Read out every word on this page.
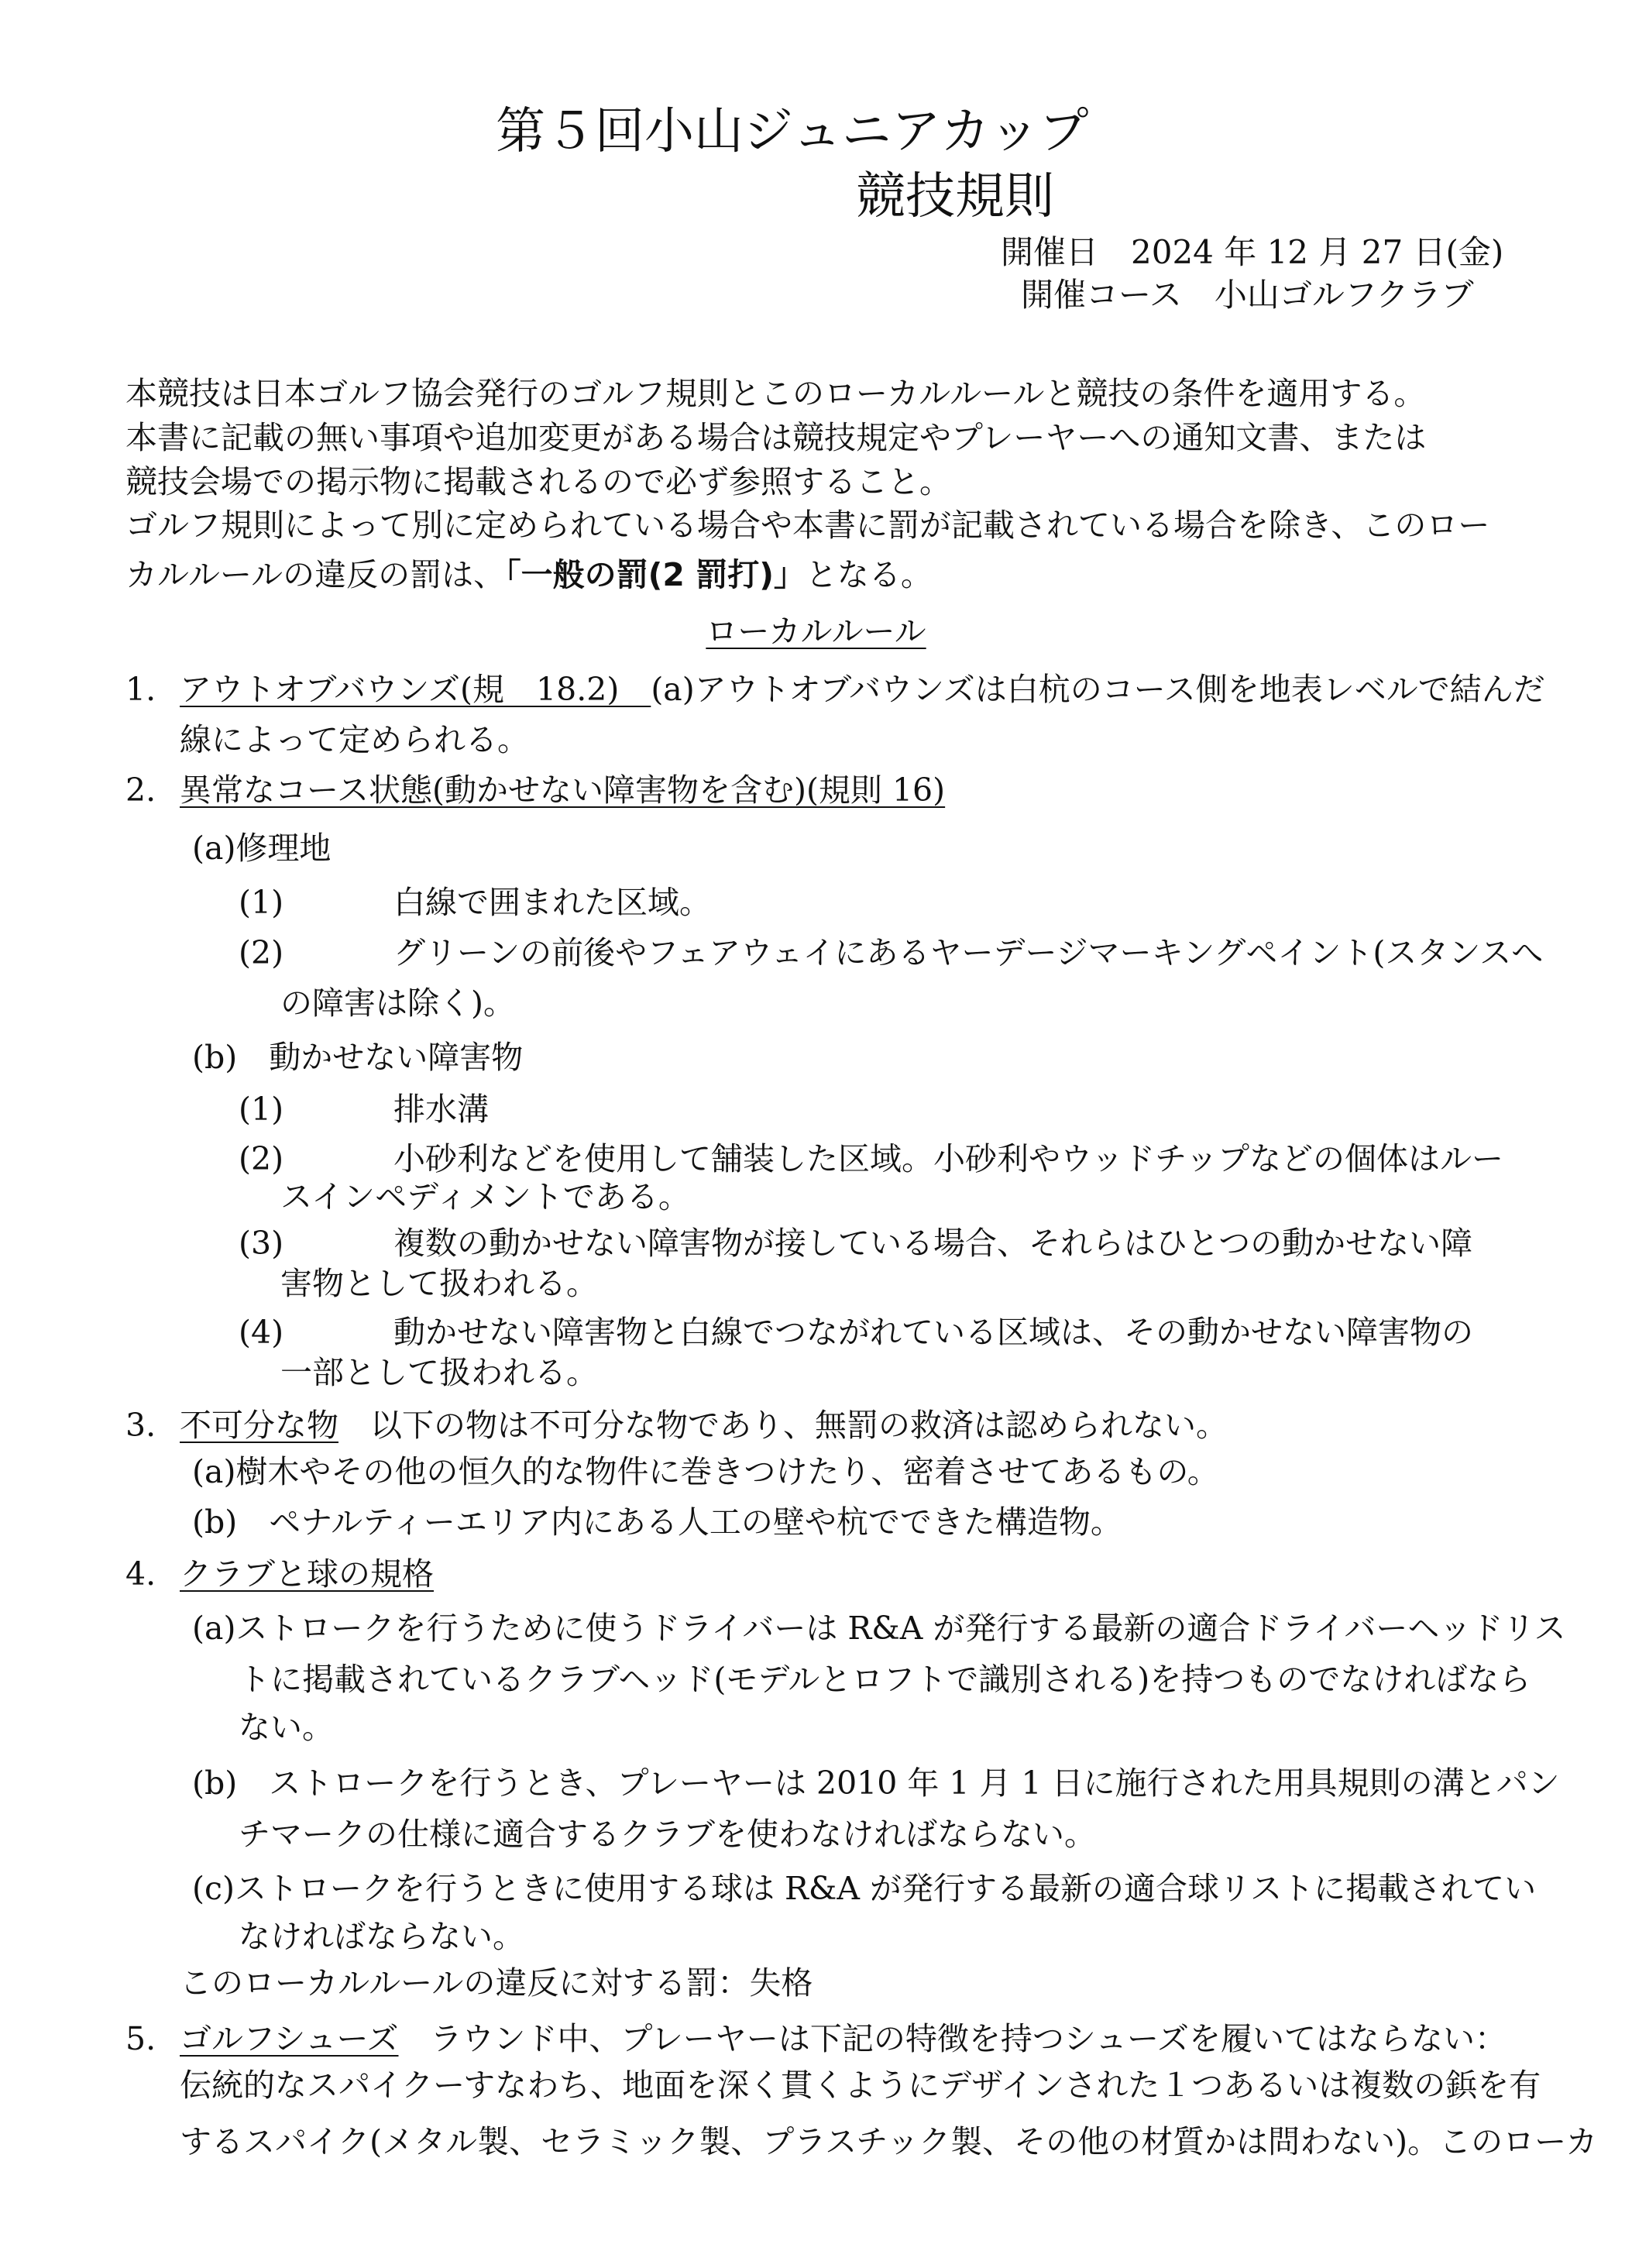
第５回小山ジュニアカップ
競技規則
開催日　2024 年 12 月 27 日(金)
開催コース　小山ゴルフクラブ
本競技は日本ゴルフ協会発行のゴルフ規則とこのローカルルールと競技の条件を適用する。
本書に記載の無い事項や追加変更がある場合は競技規定やプレーヤーへの通知文書、または
競技会場での掲示物に掲載されるので必ず参照すること。
ゴルフ規則によって別に定められている場合や本書に罰が記載されている場合を除き、このロー
カルルールの違反の罰は、「一般の罰(2 罰打)」となる。
ローカルルール
1. アウトオブバウンズ(規　18.2)　(a)アウトオブバウンズは白杭のコース側を地表レベルで結んだ
線によって定められる。
2. 異常なコース状態(動かせない障害物を含む)(規則 16)
(a)修理地
(1)	白線で囲まれた区域。
(2)	グリーンの前後やフェアウェイにあるヤーデージマーキングペイント(スタンスへ
の障害は除く)。
(b)　動かせない障害物
(1)	排水溝
(2)	小砂利などを使用して舗装した区域。小砂利やウッドチップなどの個体はルー
スインペディメントである。
(3)	複数の動かせない障害物が接している場合、それらはひとつの動かせない障
害物として扱われる。
(4)	動かせない障害物と白線でつながれている区域は、その動かせない障害物の
一部として扱われる。
3. 不可分な物　以下の物は不可分な物であり、無罰の救済は認められない。
(a)樹木やその他の恒久的な物件に巻きつけたり、密着させてあるもの。
(b)　ペナルティーエリア内にある人工の壁や杭でできた構造物。
4. クラブと球の規格
(a)ストロークを行うために使うドライバーは R&A が発行する最新の適合ドライバーヘッドリス
トに掲載されているクラブヘッド(モデルとロフトで識別される)を持つものでなければなら
ない。
(b)　ストロークを行うとき、プレーヤーは 2010 年 1 月 1 日に施行された用具規則の溝とパン
チマークの仕様に適合するクラブを使わなければならない。
(c)ストロークを行うときに使用する球は R&A が発行する最新の適合球リストに掲載されてい
なければならない。
このローカルルールの違反に対する罰：失格
5. ゴルフシューズ　ラウンド中、プレーヤーは下記の特徴を持つシューズを履いてはならない：
伝統的なスパイクーすなわち、地面を深く貫くようにデザインされた１つあるいは複数の鋲を有
するスパイク(メタル製、セラミック製、プラスチック製、その他の材質かは問わない)。このローカ
